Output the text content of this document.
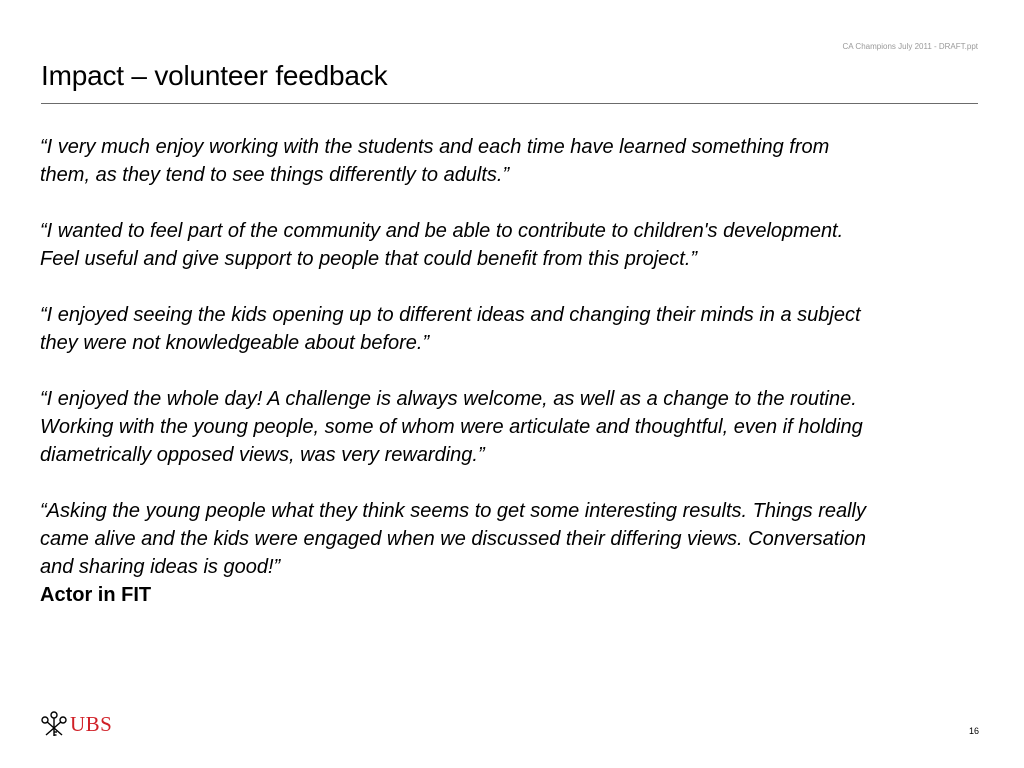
CA Champions July 2011 - DRAFT.ppt
Impact – volunteer feedback

“I very much enjoy working with the students and each time have learned something from them, as they tend to see things differently to adults.”

“I wanted to feel part of the community and be able to contribute to children's development. Feel useful and give support to people that could benefit from this project.”

“I enjoyed seeing the kids opening up to different ideas and changing their minds in a subject they were not knowledgeable about before.”

“I enjoyed the whole day! A challenge is always welcome, as well as a change to the routine. Working with the young people, some of whom were articulate and thoughtful, even if holding diametrically opposed views, was very rewarding.”

“Asking the young people what they think seems to get some interesting results. Things really came alive and the kids were engaged when we discussed their differing views. Conversation and sharing ideas is good!”

Actor in FIT

UBS	16
